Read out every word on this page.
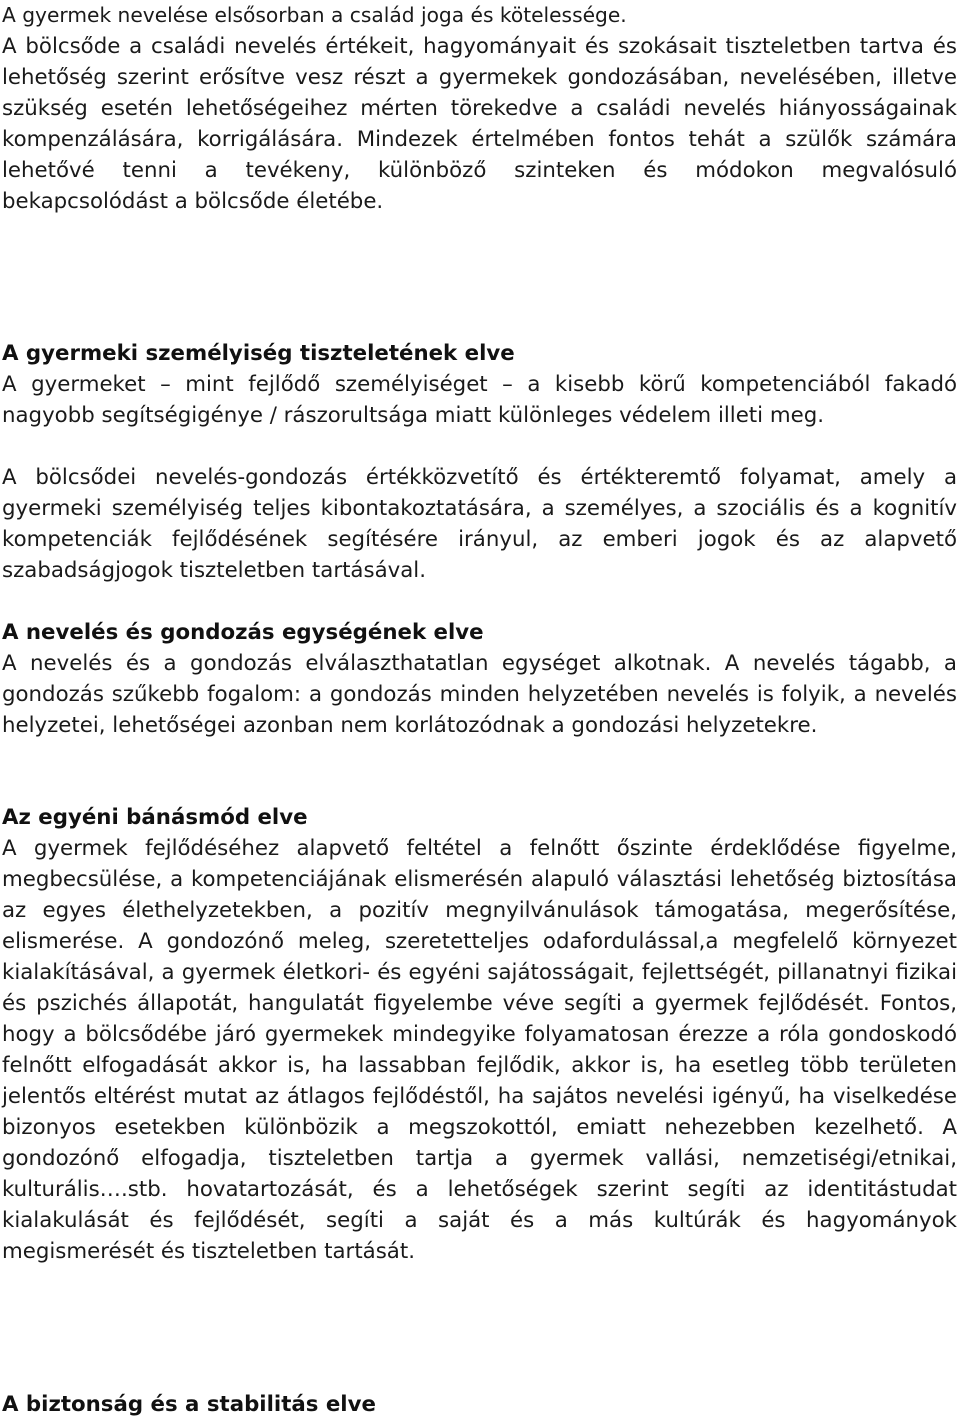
A gyermek nevelése elsősorban a család joga és kötelessége.

A bölcsőde a családi nevelés értékeit, hagyományait és szokásait tiszteletben tartva és lehetőség szerint erősítve vesz részt a gyermekek gondozásában, nevelésében, illetve szükség esetén lehetőségeihez mérten törekedve a családi nevelés hiányosságainak kompenzálására, korrigálására. Mindezek értelmében fontos tehát a szülők számára lehetővé tenni a tevékeny, különböző szinteken és módokon megvalósuló bekapcsolódást a bölcsőde életébe.

A gyermeki személyiség tiszteletének elve

A gyermeket – mint fejlődő személyiséget – a kisebb körű kompetenciából fakadó nagyobb segítségigénye / rászorultsága miatt különleges védelem illeti meg.

A bölcsődei nevelés-gondozás értékközvetítő és értékteremtő folyamat, amely a gyermeki személyiség teljes kibontakoztatására, a személyes, a szociális és a kognitív kompetenciák fejlődésének segítésére irányul, az emberi jogok és az alapvető szabadságjogok tiszteletben tartásával.

A nevelés és gondozás egységének elve

A nevelés és a gondozás elválaszthatatlan egységet alkotnak. A nevelés tágabb, a gondozás szűkebb fogalom: a gondozás minden helyzetében nevelés is folyik, a nevelés helyzetei, lehetőségei azonban nem korlátozódnak a gondozási helyzetekre.

Az egyéni bánásmód elve

A gyermek fejlődéséhez alapvető feltétel a felnőtt őszinte érdeklődése figyelme, megbecsülése, a kompetenciájának elismerésén alapuló választási lehetőség biztosítása az egyes élethelyzetekben, a pozitív megnyilvánulások támogatása, megerősítése, elismerése. A gondozónő meleg, szeretetteljes odafordulással,a megfelelő környezet kialakításával, a gyermek életkori- és egyéni sajátosságait, fejlettségét, pillanatnyi fizikai és pszichés állapotát, hangulatát figyelembe véve segíti a gyermek fejlődését. Fontos, hogy a bölcsődébe járó gyermekek mindegyike folyamatosan érezze a róla gondoskodó felnőtt elfogadását akkor is, ha lassabban fejlődik, akkor is, ha esetleg több területen jelentős eltérést mutat az átlagos fejlődéstől, ha sajátos nevelési igényű, ha viselkedése bizonyos esetekben különbözik a megszokottól, emiatt nehezebben kezelhető. A gondozónő elfogadja, tiszteletben tartja a gyermek vallási, nemzetiségi/etnikai, kulturális….stb. hovatartozását, és a lehetőségek szerint segíti az identitástudat kialakulását és fejlődését, segíti a saját és a más kultúrák és hagyományok megismerését és tiszteletben tartását.

A biztonság és a stabilitás elve
